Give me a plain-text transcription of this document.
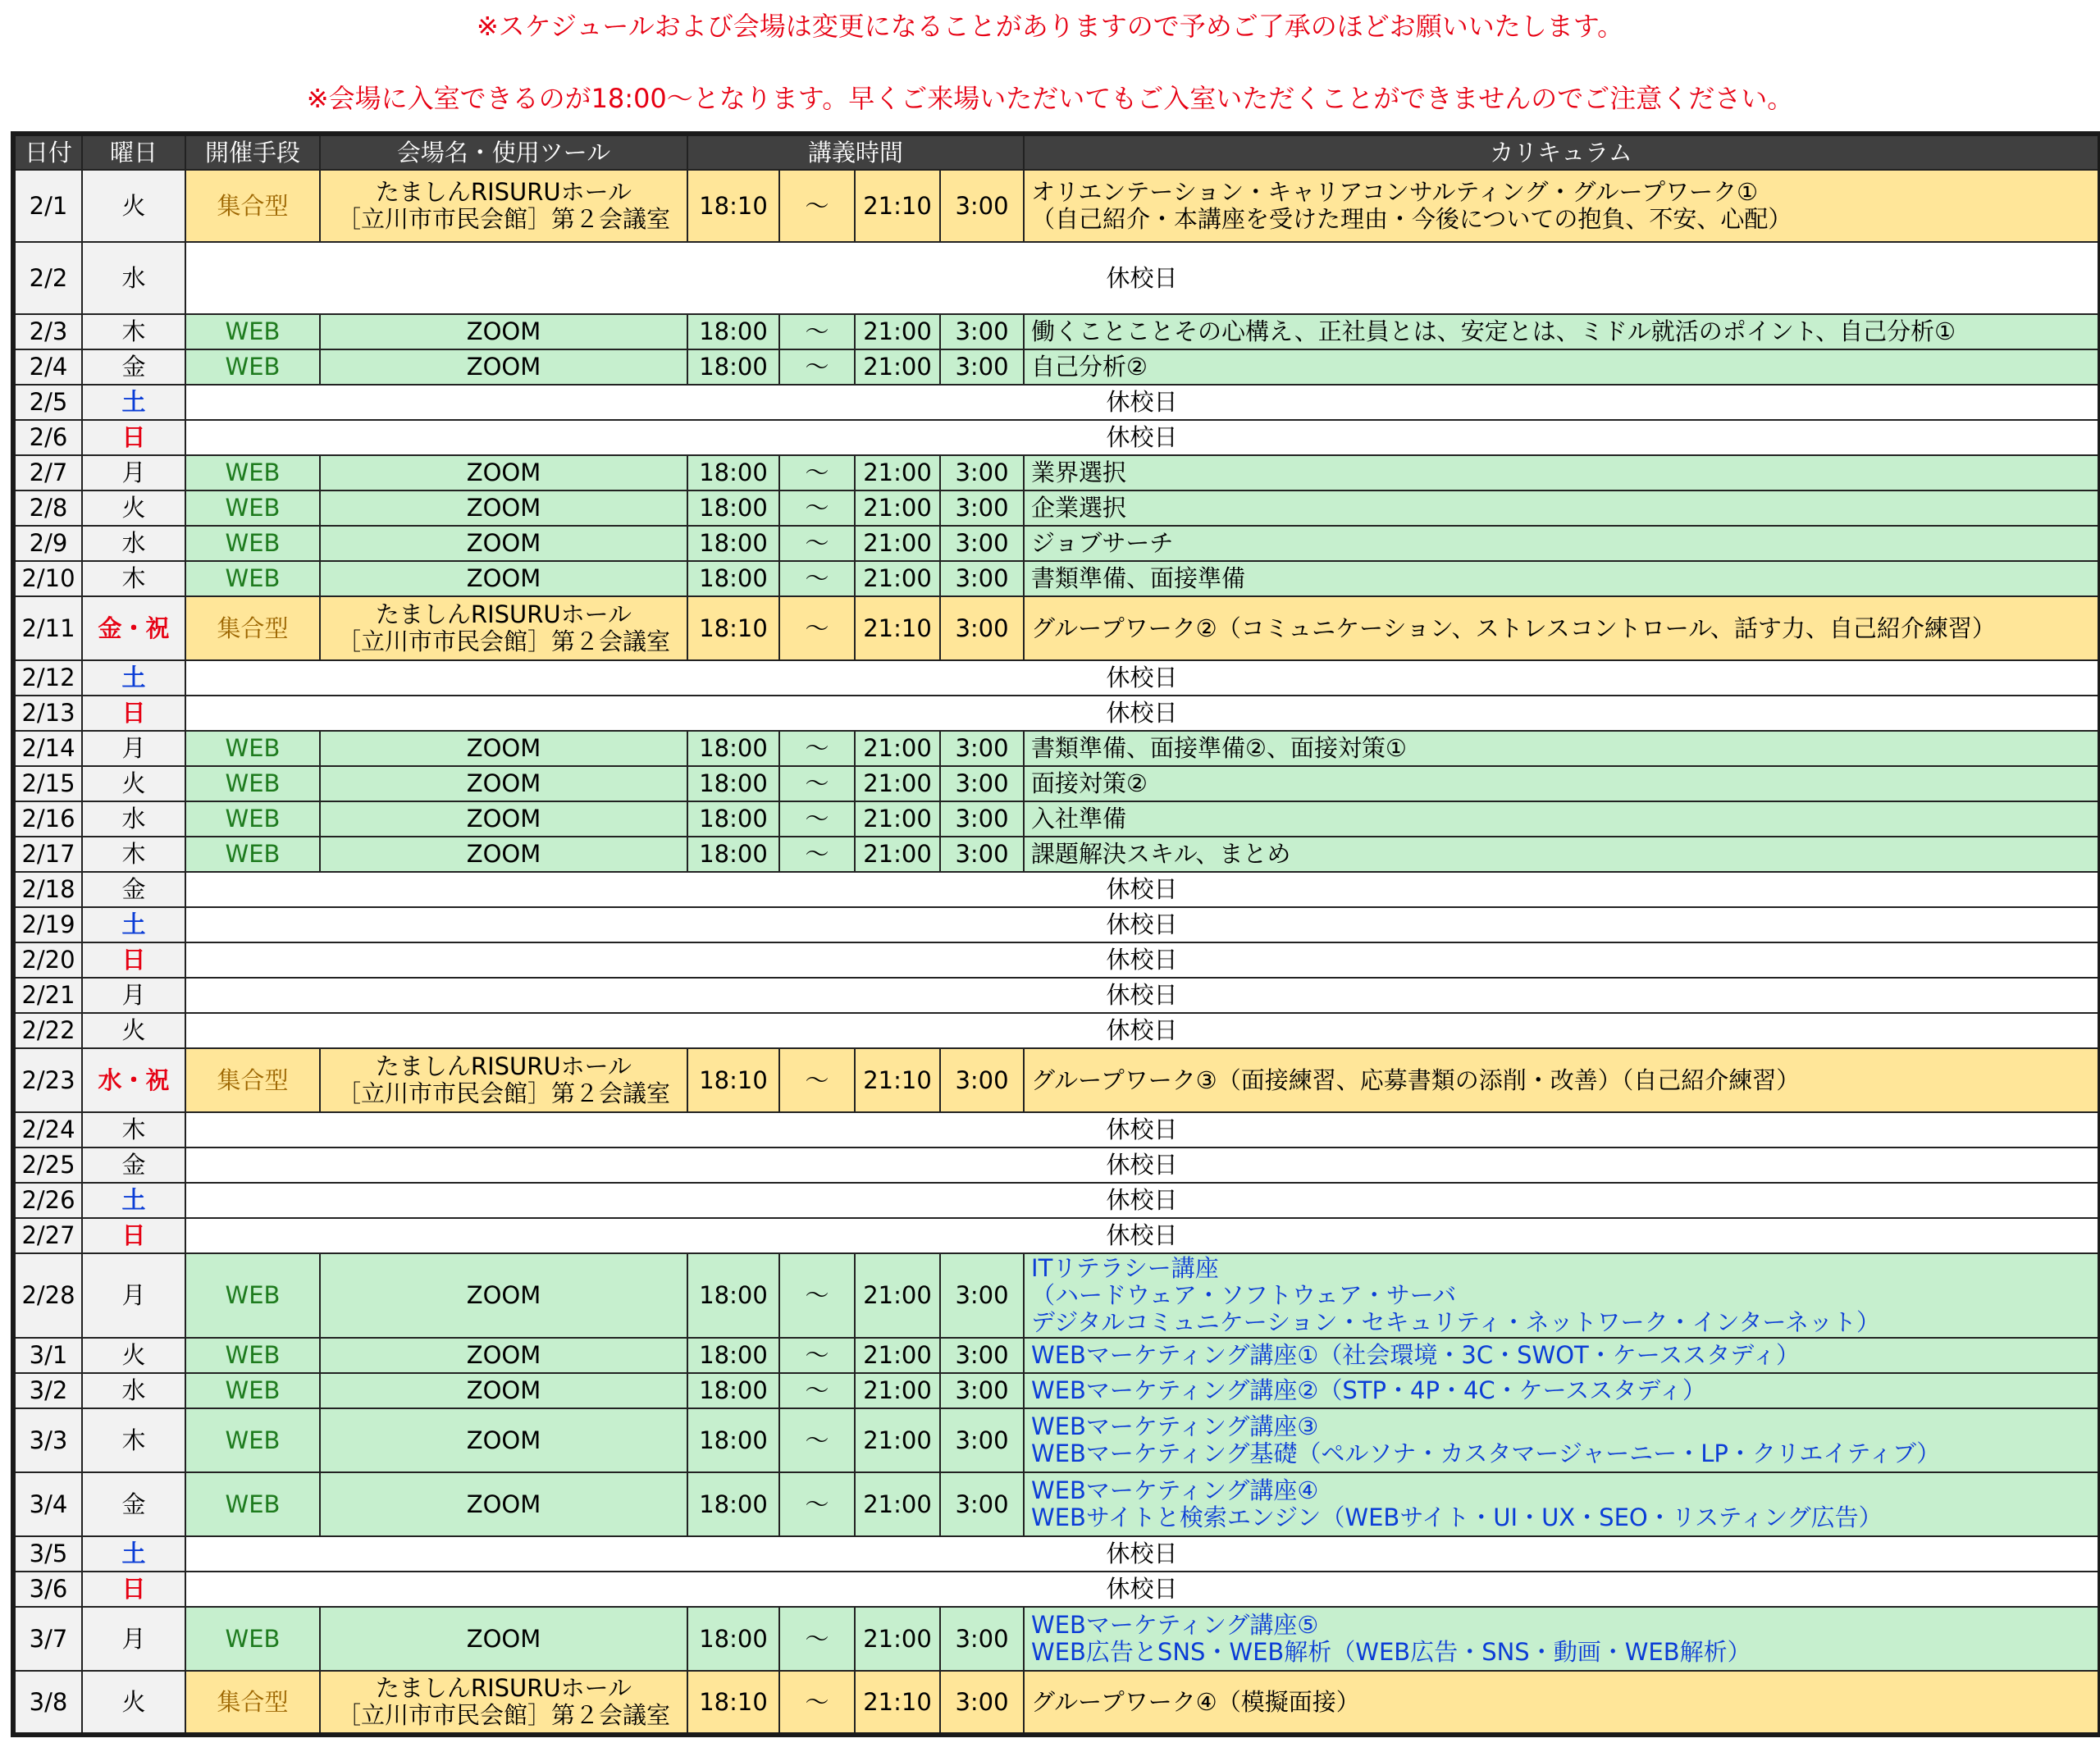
※スケジュールおよび会場は変更になることがありますので予めご了承のほどお願いいたします。
※会場に入室できるのが18:00～となります。早くご来場いただいてもご入室いただくことができませんのでご注意ください。
日付	曜日	開催手段	会場名・使用ツール	講義時間				カリキュラム
2/1	火	集合型	たましんRISURUホール
［立川市市民会館］第２会議室	18:10	～	21:10	3:00	オリエンテーション・キャリアコンサルティング・グループワーク①
（自己紹介・本講座を受けた理由・今後についての抱負、不安、心配）

2/2	水	休校日						
2/3	木	WEB	ZOOM	18:00	～	21:00	3:00	働くことことその心構え、正社員とは、安定とは、ミドル就活のポイント、自己分析①

2/4	金	WEB	ZOOM	18:00	～	21:00	3:00	自己分析②

2/5	土	休校日						
2/6	日	休校日						
2/7	月	WEB	ZOOM	18:00	～	21:00	3:00	業界選択

2/8	火	WEB	ZOOM	18:00	～	21:00	3:00	企業選択

2/9	水	WEB	ZOOM	18:00	～	21:00	3:00	ジョブサーチ

2/10	木	WEB	ZOOM	18:00	～	21:00	3:00	書類準備、面接準備

2/11	金・祝	集合型	たましんRISURUホール
［立川市市民会館］第２会議室	18:10	～	21:10	3:00	グループワーク②（コミュニケーション、ストレスコントロール、話す力、自己紹介練習）

2/12	土	休校日						
2/13	日	休校日						
2/14	月	WEB	ZOOM	18:00	～	21:00	3:00	書類準備、面接準備②、面接対策①

2/15	火	WEB	ZOOM	18:00	～	21:00	3:00	面接対策②

2/16	水	WEB	ZOOM	18:00	～	21:00	3:00	入社準備

2/17	木	WEB	ZOOM	18:00	～	21:00	3:00	課題解決スキル、まとめ

2/18	金	休校日						
2/19	土	休校日						
2/20	日	休校日						
2/21	月	休校日						
2/22	火	休校日						
2/23	水・祝	集合型	たましんRISURUホール
［立川市市民会館］第２会議室	18:10	～	21:10	3:00	グループワーク③（面接練習、応募書類の添削・改善）（自己紹介練習）

2/24	木	休校日						
2/25	金	休校日						
2/26	土	休校日						
2/27	日	休校日						
2/28	月	WEB	ZOOM	18:00	～	21:00	3:00	ITリテラシー講座
（ハードウェア・ソフトウェア・サーバ
デジタルコミュニケーション・セキュリティ・ネットワーク・インターネット）

3/1	火	WEB	ZOOM	18:00	～	21:00	3:00	WEBマーケティング講座①（社会環境・3C・SWOT・ケーススタディ）

3/2	水	WEB	ZOOM	18:00	～	21:00	3:00	WEBマーケティング講座②（STP・4P・4C・ケーススタディ）

3/3	木	WEB	ZOOM	18:00	～	21:00	3:00	WEBマーケティング講座③
WEBマーケティング基礎（ペルソナ・カスタマージャーニー・LP・クリエイティブ）

3/4	金	WEB	ZOOM	18:00	～	21:00	3:00	WEBマーケティング講座④
WEBサイトと検索エンジン（WEBサイト・UI・UX・SEO・リスティング広告）

3/5	土	休校日						
3/6	日	休校日						
3/7	月	WEB	ZOOM	18:00	～	21:00	3:00	WEBマーケティング講座⑤
WEB広告とSNS・WEB解析（WEB広告・SNS・動画・WEB解析）

3/8	火	集合型	たましんRISURUホール
［立川市市民会館］第２会議室	18:10	～	21:10	3:00	グループワーク④（模擬面接）
